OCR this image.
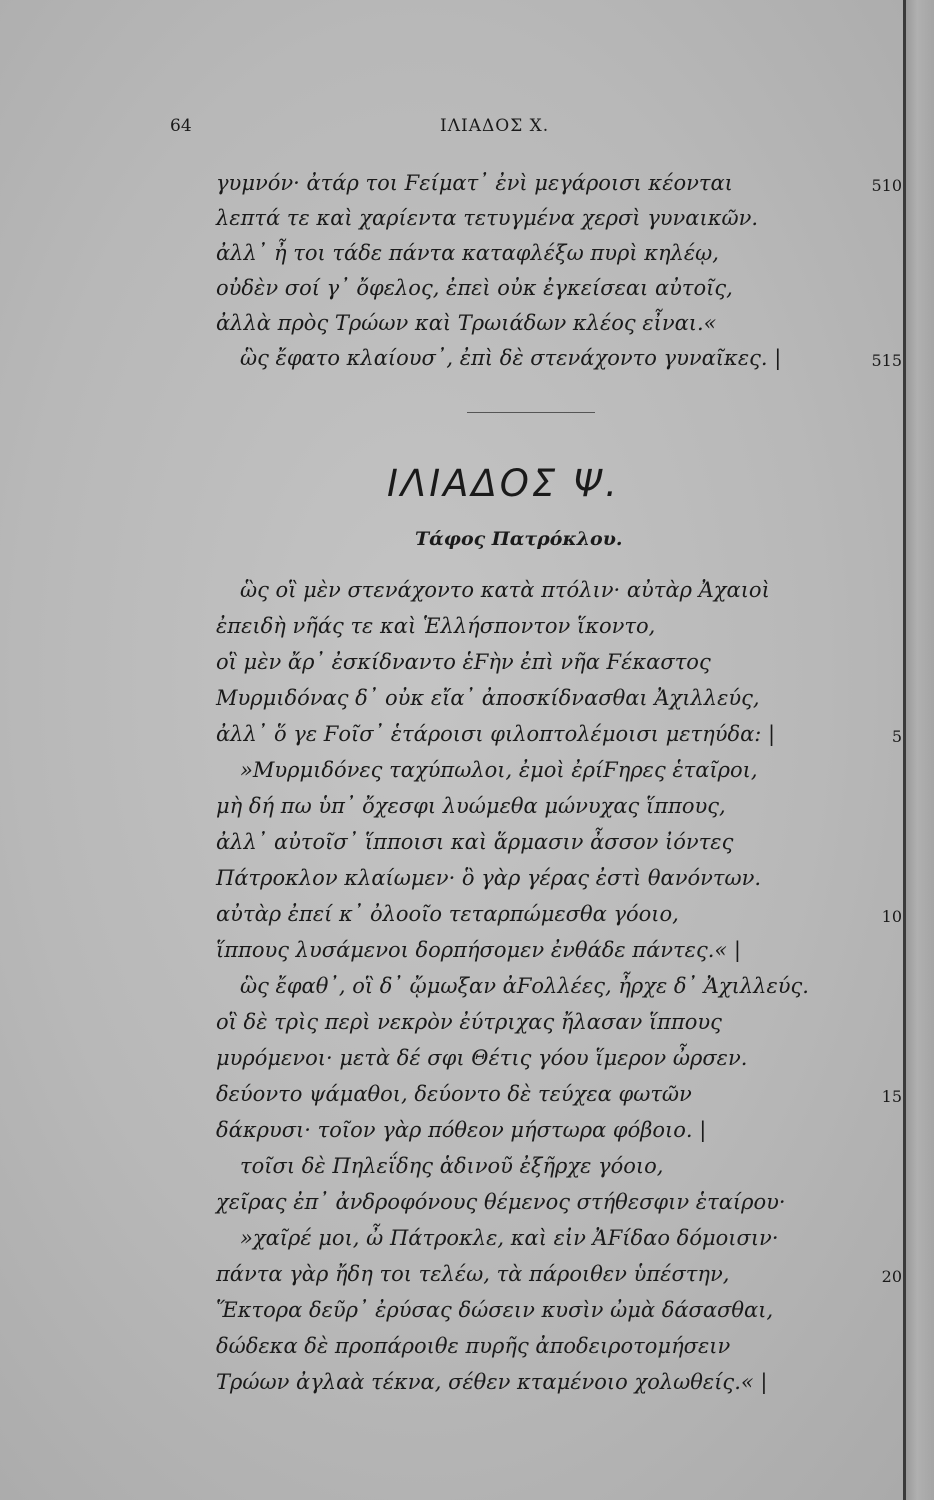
64	ΙΛΙΑΔΟΣ X.
γυμνόν· ἀτάρ τοι Ϝείματ᾽ ἐνὶ μεγάροισι κέονται
λεπτά τε καὶ χαρίεντα τετυγμένα χερσὶ γυναικῶν.
ἀλλ᾽ ἦ τοι τάδε πάντα καταφλέξω πυρὶ κηλέῳ,
οὐδὲν σοί γ᾽ ὄφελος, ἐπεὶ οὐκ ἐγκείσεαι αὐτοῖς,
ἀλλὰ πρὸς Τρώων καὶ Τρωιάδων κλέος εἶναι.«
ὣς ἔφατο κλαίουσ᾽, ἐπὶ δὲ στενάχοντο γυναῖκες. |
510
515
ΙΛΙΑΔΟΣ Ψ.
Τάφος Πατρόκλου.
ὣς οἳ μὲν στενάχοντο κατὰ πτόλιν· αὐτὰρ Ἀχαιοὶ
ἐπειδὴ νῆάς τε καὶ Ἑλλήσποντον ἵκοντο,
οἳ μὲν ἄρ᾽ ἐσκίδναντο ἑϜὴν ἐπὶ νῆα Ϝέκαστος
Μυρμιδόνας δ᾽ οὐκ εἴα᾽ ἀποσκίδνασθαι Ἀχιλλεύς,
ἀλλ᾽ ὅ γε Ϝοῖσ᾽ ἑτάροισι φιλοπτολέμοισι μετηύδα: |
»Μυρμιδόνες ταχύπωλοι, ἐμοὶ ἐρίϜηρες ἑταῖροι,
μὴ δή πω ὑπ᾽ ὄχεσφι λυώμεθα μώνυχας ἵππους,
ἀλλ᾽ αὐτοῖσ᾽ ἵπποισι καὶ ἅρμασιν ἆσσον ἰόντες
Πάτροκλον κλαίωμεν· ὃ γὰρ γέρας ἐστὶ θανόντων.
αὐτὰρ ἐπεί κ᾽ ὀλοοῖο τεταρπώμεσθα γόοιο,
ἵππους λυσάμενοι δορπήσομεν ἐνθάδε πάντες.« |
ὣς ἔφαθ᾽, οἳ δ᾽ ᾤμωξαν ἀϜολλέες, ἦρχε δ᾽ Ἀχιλλεύς.
οἳ δὲ τρὶς περὶ νεκρὸν ἐύτριχας ἤλασαν ἵππους
μυρόμενοι· μετὰ δέ σφι Θέτις γόου ἵμερον ὦρσεν.
δεύοντο ψάμαθοι, δεύοντο δὲ τεύχεα φωτῶν
δάκρυσι· τοῖον γὰρ πόθεον μήστωρα φόβοιο. |
τοῖσι δὲ Πηλεΐδης ἁδινοῦ ἐξῆρχε γόοιο,
χεῖρας ἐπ᾽ ἀνδροφόνους θέμενος στήθεσφιν ἑταίρου·
»χαῖρέ μοι, ὦ Πάτροκλε, καὶ εἰν ἈϜίδαο δόμοισιν·
πάντα γὰρ ἤδη τοι τελέω, τὰ πάροιθεν ὑπέστην,
Ἕκτορα δεῦρ᾽ ἐρύσας δώσειν κυσὶν ὠμὰ δάσασθαι,
δώδεκα δὲ προπάροιθε πυρῆς ἀποδειροτομήσειν
Τρώων ἀγλαὰ τέκνα, σέθεν κταμένοιο χολωθείς.« |
5
10
15
20
